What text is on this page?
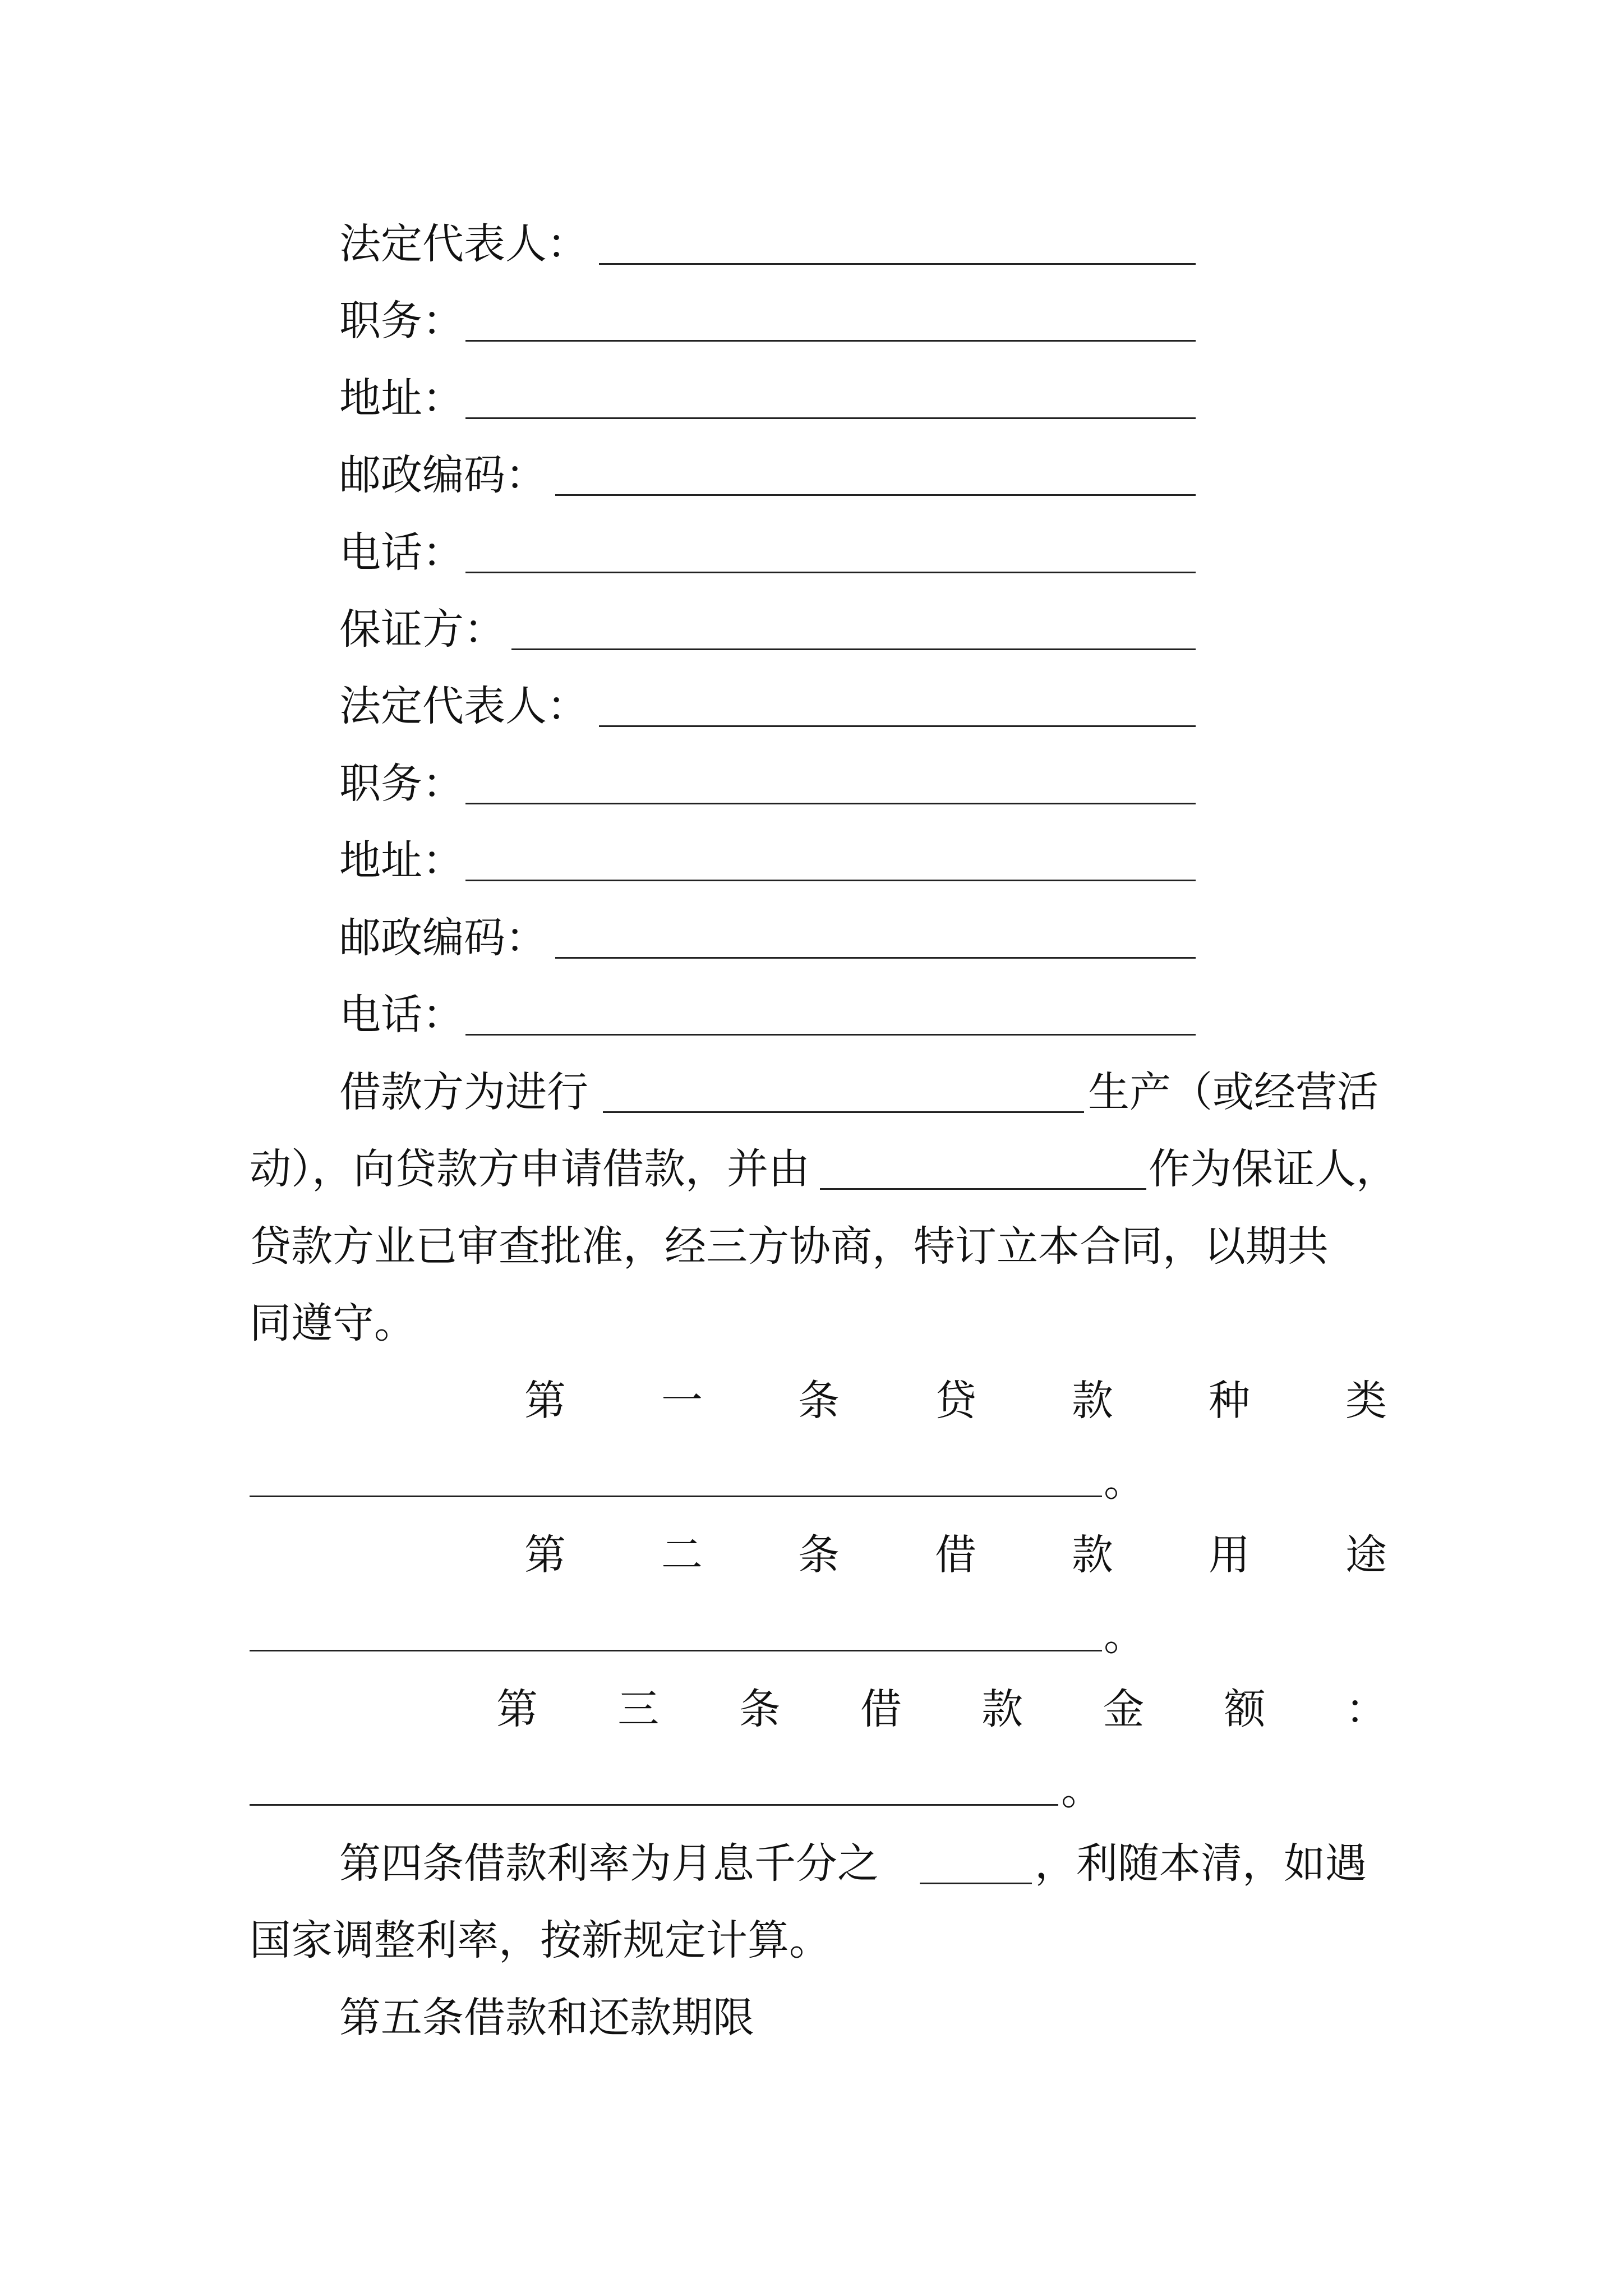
法定代表人：
职务：
地址：
邮政编码：
电话：
保证方：
法定代表人：
职务：
地址：
邮政编码：
电话：
借款方为进行	生产（或经营活
动），向贷款方申请借款，并由	作为保证人，
贷款方业已审查批准，经三方协商，特订立本合同，以期共
同遵守。
第 一 条 贷 款 种 类
。
第 二 条 借 款 用 途
。
第 三 条 借 款 金 额 ：
。
第四条借款利率为月息千分之	，利随本清，如遇
国家调整利率，按新规定计算。
第五条借款和还款期限
